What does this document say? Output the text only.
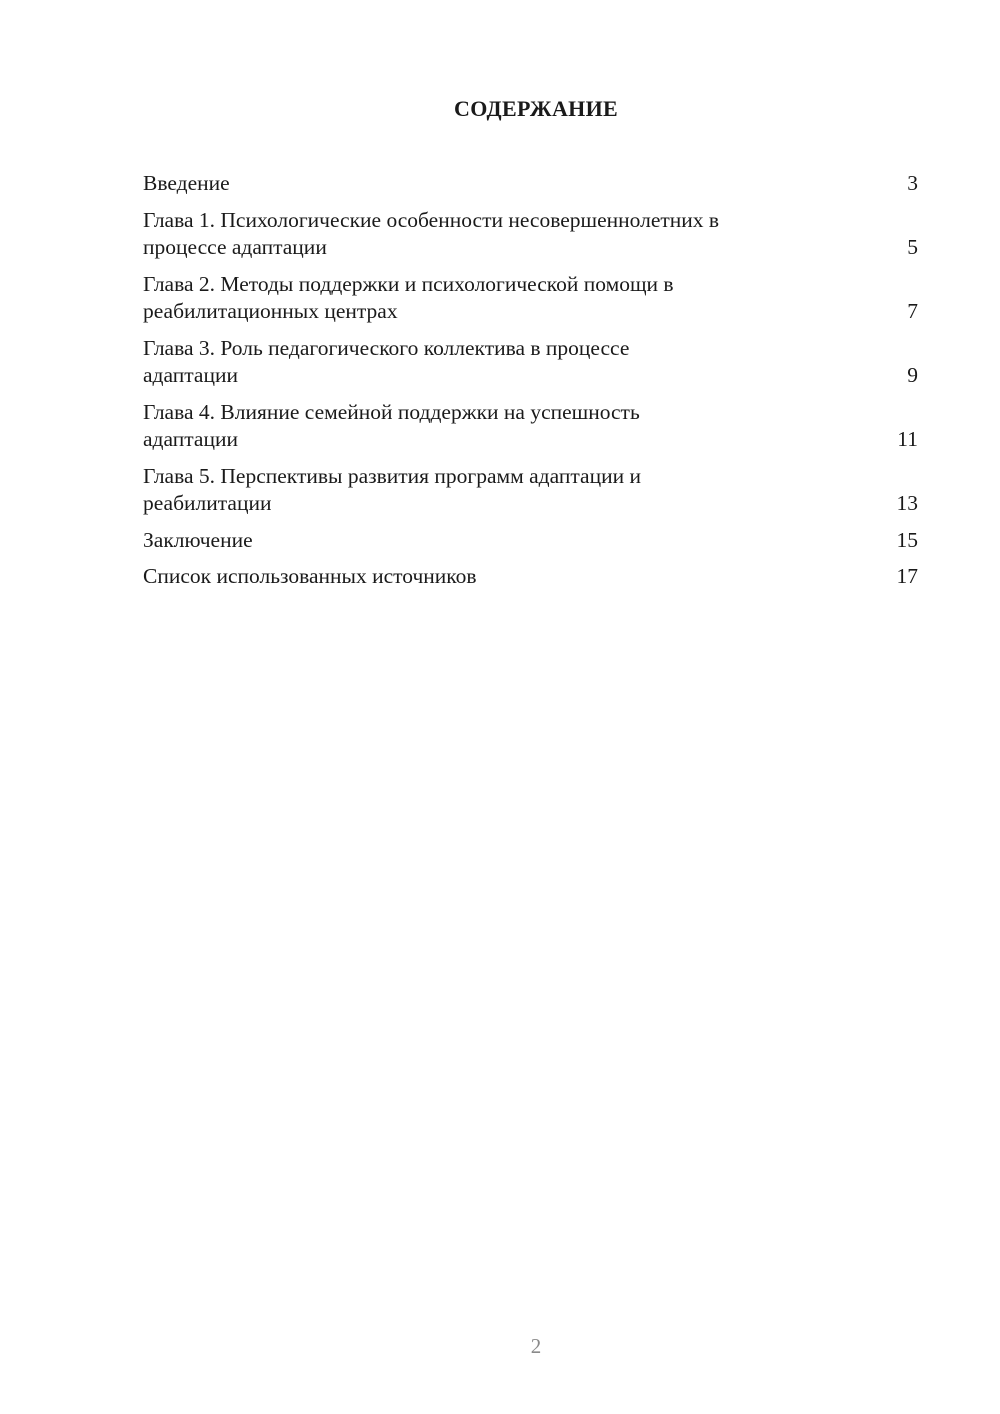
СОДЕРЖАНИЕ
Введение	3
Глава 1. Психологические особенности несовершеннолетних в
процессе адаптации	5
Глава 2. Методы поддержки и психологической помощи в
реабилитационных центрах	7
Глава 3. Роль педагогического коллектива в процессе
адаптации	9
Глава 4. Влияние семейной поддержки на успешность
адаптации	11
Глава 5. Перспективы развития программ адаптации и
реабилитации	13
Заключение	15
Список использованных источников	17
2
